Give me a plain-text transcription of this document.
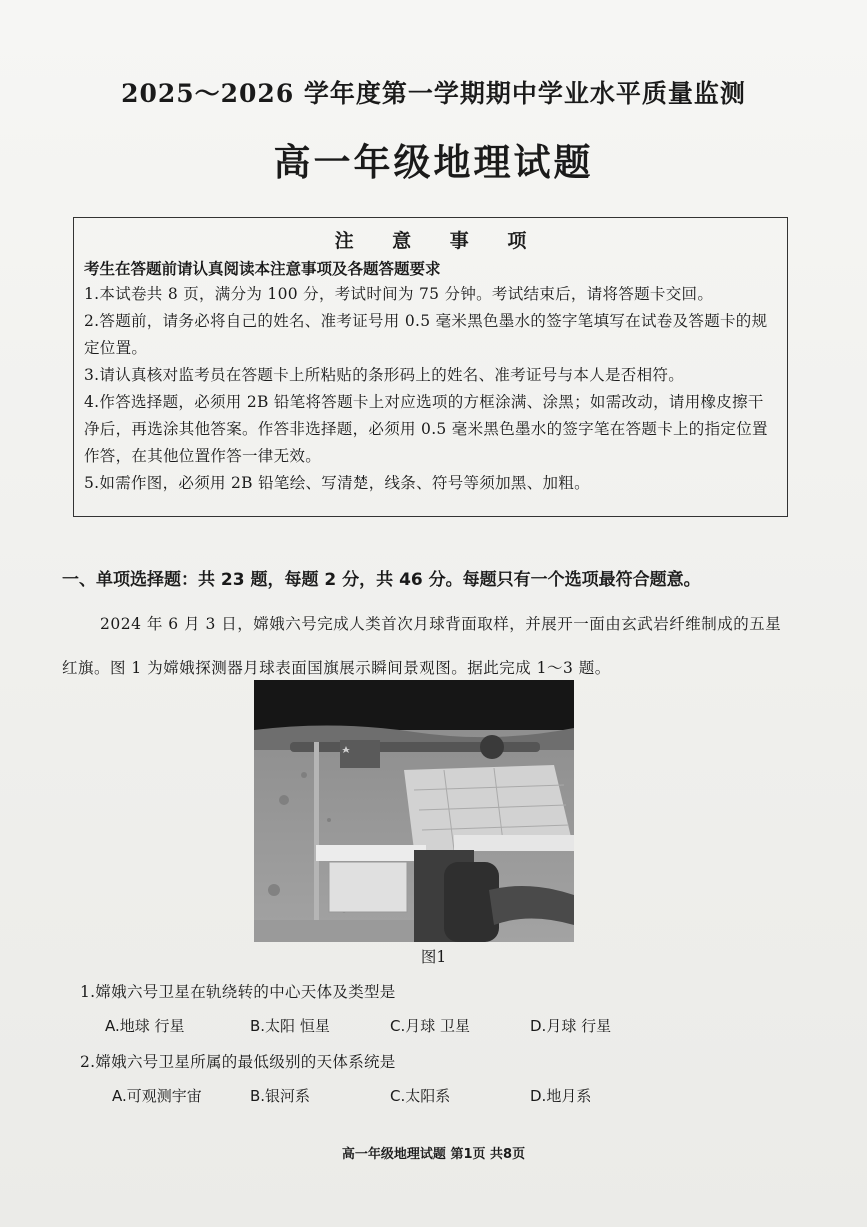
2025～2026 学年度第一学期期中学业水平质量监测
高一年级地理试题
注 意 事 项
考生在答题前请认真阅读本注意事项及各题答题要求
1.本试卷共 8 页，满分为 100 分，考试时间为 75 分钟。考试结束后，请将答题卡交回。
2.答题前，请务必将自己的姓名、准考证号用 0.5 毫米黑色墨水的签字笔填写在试卷及答题卡的规定位置。
3.请认真核对监考员在答题卡上所粘贴的条形码上的姓名、准考证号与本人是否相符。
4.作答选择题，必须用 2B 铅笔将答题卡上对应选项的方框涂满、涂黑；如需改动，请用橡皮擦干净后，再选涂其他答案。作答非选择题，必须用 0.5 毫米黑色墨水的签字笔在答题卡上的指定位置作答，在其他位置作答一律无效。
5.如需作图，必须用 2B 铅笔绘、写清楚，线条、符号等须加黑、加粗。
一、单项选择题：共 23 题，每题 2 分，共 46 分。每题只有一个选项最符合题意。
2024 年 6 月 3 日，嫦娥六号完成人类首次月球背面取样，并展开一面由玄武岩纤维制成的五星红旗。图 1 为嫦娥探测器月球表面国旗展示瞬间景观图。据此完成 1～3 题。
图1
1.嫦娥六号卫星在轨绕转的中心天体及类型是
A.地球 行星	B.太阳 恒星	C.月球 卫星	D.月球 行星
2.嫦娥六号卫星所属的最低级别的天体系统是
A.可观测宇宙	B.银河系	C.太阳系	D.地月系
高一年级地理试题 第1页 共8页
